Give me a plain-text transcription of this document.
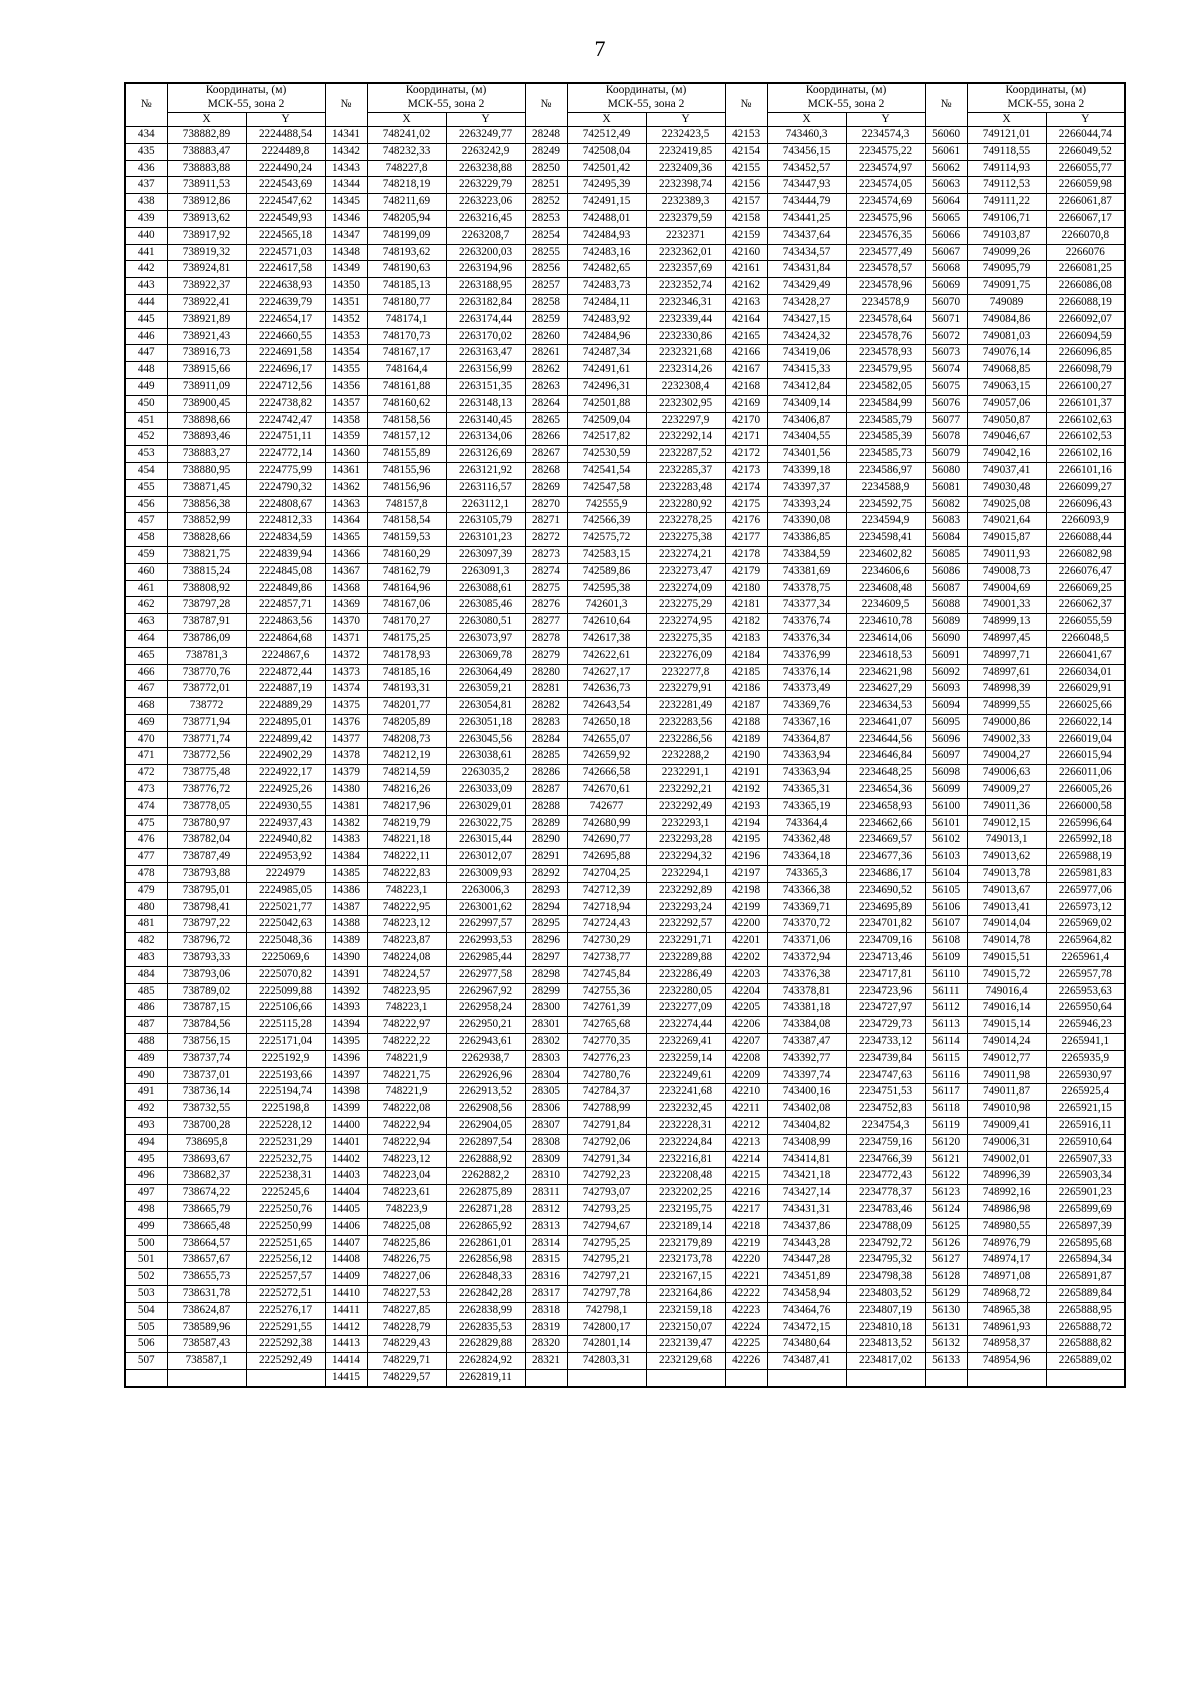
7
№	Координаты, (м)		№	Координаты, (м)		№	Координаты, (м)		№	Координаты, (м)		№	Координаты, (м)	
	МСК-55, зона 2			МСК-55, зона 2			МСК-55, зона 2			МСК-55, зона 2			МСК-55, зона 2	
	X	Y		X	Y		X	Y		X	Y		X	Y
434	738882,89	2224488,54	14341	748241,02	2263249,77	28248	742512,49	2232423,5	42153	743460,3	2234574,3	56060	749121,01	2266044,74
435	738883,47	2224489,8	14342	748232,33	2263242,9	28249	742508,04	2232419,85	42154	743456,15	2234575,22	56061	749118,55	2266049,52
436	738883,88	2224490,24	14343	748227,8	2263238,88	28250	742501,42	2232409,36	42155	743452,57	2234574,97	56062	749114,93	2266055,77
437	738911,53	2224543,69	14344	748218,19	2263229,79	28251	742495,39	2232398,74	42156	743447,93	2234574,05	56063	749112,53	2266059,98
438	738912,86	2224547,62	14345	748211,69	2263223,06	28252	742491,15	2232389,3	42157	743444,79	2234574,69	56064	749111,22	2266061,87
439	738913,62	2224549,93	14346	748205,94	2263216,45	28253	742488,01	2232379,59	42158	743441,25	2234575,96	56065	749106,71	2266067,17
440	738917,92	2224565,18	14347	748199,09	2263208,7	28254	742484,93	2232371	42159	743437,64	2234576,35	56066	749103,87	2266070,8
441	738919,32	2224571,03	14348	748193,62	2263200,03	28255	742483,16	2232362,01	42160	743434,57	2234577,49	56067	749099,26	2266076
442	738924,81	2224617,58	14349	748190,63	2263194,96	28256	742482,65	2232357,69	42161	743431,84	2234578,57	56068	749095,79	2266081,25
443	738922,37	2224638,93	14350	748185,13	2263188,95	28257	742483,73	2232352,74	42162	743429,49	2234578,96	56069	749091,75	2266086,08
444	738922,41	2224639,79	14351	748180,77	2263182,84	28258	742484,11	2232346,31	42163	743428,27	2234578,9	56070	749089	2266088,19
445	738921,89	2224654,17	14352	748174,1	2263174,44	28259	742483,92	2232339,44	42164	743427,15	2234578,64	56071	749084,86	2266092,07
446	738921,43	2224660,55	14353	748170,73	2263170,02	28260	742484,96	2232330,86	42165	743424,32	2234578,76	56072	749081,03	2266094,59
447	738916,73	2224691,58	14354	748167,17	2263163,47	28261	742487,34	2232321,68	42166	743419,06	2234578,93	56073	749076,14	2266096,85
448	738915,66	2224696,17	14355	748164,4	2263156,99	28262	742491,61	2232314,26	42167	743415,33	2234579,95	56074	749068,85	2266098,79
449	738911,09	2224712,56	14356	748161,88	2263151,35	28263	742496,31	2232308,4	42168	743412,84	2234582,05	56075	749063,15	2266100,27
450	738900,45	2224738,82	14357	748160,62	2263148,13	28264	742501,88	2232302,95	42169	743409,14	2234584,99	56076	749057,06	2266101,37
451	738898,66	2224742,47	14358	748158,56	2263140,45	28265	742509,04	2232297,9	42170	743406,87	2234585,79	56077	749050,87	2266102,63
452	738893,46	2224751,11	14359	748157,12	2263134,06	28266	742517,82	2232292,14	42171	743404,55	2234585,39	56078	749046,67	2266102,53
453	738883,27	2224772,14	14360	748155,89	2263126,69	28267	742530,59	2232287,52	42172	743401,56	2234585,73	56079	749042,16	2266102,16
454	738880,95	2224775,99	14361	748155,96	2263121,92	28268	742541,54	2232285,37	42173	743399,18	2234586,97	56080	749037,41	2266101,16
455	738871,45	2224790,32	14362	748156,96	2263116,57	28269	742547,58	2232283,48	42174	743397,37	2234588,9	56081	749030,48	2266099,27
456	738856,38	2224808,67	14363	748157,8	2263112,1	28270	742555,9	2232280,92	42175	743393,24	2234592,75	56082	749025,08	2266096,43
457	738852,99	2224812,33	14364	748158,54	2263105,79	28271	742566,39	2232278,25	42176	743390,08	2234594,9	56083	749021,64	2266093,9
458	738828,66	2224834,59	14365	748159,53	2263101,23	28272	742575,72	2232275,38	42177	743386,85	2234598,41	56084	749015,87	2266088,44
459	738821,75	2224839,94	14366	748160,29	2263097,39	28273	742583,15	2232274,21	42178	743384,59	2234602,82	56085	749011,93	2266082,98
460	738815,24	2224845,08	14367	748162,79	2263091,3	28274	742589,86	2232273,47	42179	743381,69	2234606,6	56086	749008,73	2266076,47
461	738808,92	2224849,86	14368	748164,96	2263088,61	28275	742595,38	2232274,09	42180	743378,75	2234608,48	56087	749004,69	2266069,25
462	738797,28	2224857,71	14369	748167,06	2263085,46	28276	742601,3	2232275,29	42181	743377,34	2234609,5	56088	749001,33	2266062,37
463	738787,91	2224863,56	14370	748170,27	2263080,51	28277	742610,64	2232274,95	42182	743376,74	2234610,78	56089	748999,13	2266055,59
464	738786,09	2224864,68	14371	748175,25	2263073,97	28278	742617,38	2232275,35	42183	743376,34	2234614,06	56090	748997,45	2266048,5
465	738781,3	2224867,6	14372	748178,93	2263069,78	28279	742622,61	2232276,09	42184	743376,99	2234618,53	56091	748997,71	2266041,67
466	738770,76	2224872,44	14373	748185,16	2263064,49	28280	742627,17	2232277,8	42185	743376,14	2234621,98	56092	748997,61	2266034,01
467	738772,01	2224887,19	14374	748193,31	2263059,21	28281	742636,73	2232279,91	42186	743373,49	2234627,29	56093	748998,39	2266029,91
468	738772	2224889,29	14375	748201,77	2263054,81	28282	742643,54	2232281,49	42187	743369,76	2234634,53	56094	748999,55	2266025,66
469	738771,94	2224895,01	14376	748205,89	2263051,18	28283	742650,18	2232283,56	42188	743367,16	2234641,07	56095	749000,86	2266022,14
470	738771,74	2224899,42	14377	748208,73	2263045,56	28284	742655,07	2232286,56	42189	743364,87	2234644,56	56096	749002,33	2266019,04
471	738772,56	2224902,29	14378	748212,19	2263038,61	28285	742659,92	2232288,2	42190	743363,94	2234646,84	56097	749004,27	2266015,94
472	738775,48	2224922,17	14379	748214,59	2263035,2	28286	742666,58	2232291,1	42191	743363,94	2234648,25	56098	749006,63	2266011,06
473	738776,72	2224925,26	14380	748216,26	2263033,09	28287	742670,61	2232292,21	42192	743365,31	2234654,36	56099	749009,27	2266005,26
474	738778,05	2224930,55	14381	748217,96	2263029,01	28288	742677	2232292,49	42193	743365,19	2234658,93	56100	749011,36	2266000,58
475	738780,97	2224937,43	14382	748219,79	2263022,75	28289	742680,99	2232293,1	42194	743364,4	2234662,66	56101	749012,15	2265996,64
476	738782,04	2224940,82	14383	748221,18	2263015,44	28290	742690,77	2232293,28	42195	743362,48	2234669,57	56102	749013,1	2265992,18
477	738787,49	2224953,92	14384	748222,11	2263012,07	28291	742695,88	2232294,32	42196	743364,18	2234677,36	56103	749013,62	2265988,19
478	738793,88	2224979	14385	748222,83	2263009,93	28292	742704,25	2232294,1	42197	743365,3	2234686,17	56104	749013,78	2265981,83
479	738795,01	2224985,05	14386	748223,1	2263006,3	28293	742712,39	2232292,89	42198	743366,38	2234690,52	56105	749013,67	2265977,06
480	738798,41	2225021,77	14387	748222,95	2263001,62	28294	742718,94	2232293,24	42199	743369,71	2234695,89	56106	749013,41	2265973,12
481	738797,22	2225042,63	14388	748223,12	2262997,57	28295	742724,43	2232292,57	42200	743370,72	2234701,82	56107	749014,04	2265969,02
482	738796,72	2225048,36	14389	748223,87	2262993,53	28296	742730,29	2232291,71	42201	743371,06	2234709,16	56108	749014,78	2265964,82
483	738793,33	2225069,6	14390	748224,08	2262985,44	28297	742738,77	2232289,88	42202	743372,94	2234713,46	56109	749015,51	2265961,4
484	738793,06	2225070,82	14391	748224,57	2262977,58	28298	742745,84	2232286,49	42203	743376,38	2234717,81	56110	749015,72	2265957,78
485	738789,02	2225099,88	14392	748223,95	2262967,92	28299	742755,36	2232280,05	42204	743378,81	2234723,96	56111	749016,4	2265953,63
486	738787,15	2225106,66	14393	748223,1	2262958,24	28300	742761,39	2232277,09	42205	743381,18	2234727,97	56112	749016,14	2265950,64
487	738784,56	2225115,28	14394	748222,97	2262950,21	28301	742765,68	2232274,44	42206	743384,08	2234729,73	56113	749015,14	2265946,23
488	738756,15	2225171,04	14395	748222,22	2262943,61	28302	742770,35	2232269,41	42207	743387,47	2234733,12	56114	749014,24	2265941,1
489	738737,74	2225192,9	14396	748221,9	2262938,7	28303	742776,23	2232259,14	42208	743392,77	2234739,84	56115	749012,77	2265935,9
490	738737,01	2225193,66	14397	748221,75	2262926,96	28304	742780,76	2232249,61	42209	743397,74	2234747,63	56116	749011,98	2265930,97
491	738736,14	2225194,74	14398	748221,9	2262913,52	28305	742784,37	2232241,68	42210	743400,16	2234751,53	56117	749011,87	2265925,4
492	738732,55	2225198,8	14399	748222,08	2262908,56	28306	742788,99	2232232,45	42211	743402,08	2234752,83	56118	749010,98	2265921,15
493	738700,28	2225228,12	14400	748222,94	2262904,05	28307	742791,84	2232228,31	42212	743404,82	2234754,3	56119	749009,41	2265916,11
494	738695,8	2225231,29	14401	748222,94	2262897,54	28308	742792,06	2232224,84	42213	743408,99	2234759,16	56120	749006,31	2265910,64
495	738693,67	2225232,75	14402	748223,12	2262888,92	28309	742791,34	2232216,81	42214	743414,81	2234766,39	56121	749002,01	2265907,33
496	738682,37	2225238,31	14403	748223,04	2262882,2	28310	742792,23	2232208,48	42215	743421,18	2234772,43	56122	748996,39	2265903,34
497	738674,22	2225245,6	14404	748223,61	2262875,89	28311	742793,07	2232202,25	42216	743427,14	2234778,37	56123	748992,16	2265901,23
498	738665,79	2225250,76	14405	748223,9	2262871,28	28312	742793,25	2232195,75	42217	743431,31	2234783,46	56124	748986,98	2265899,69
499	738665,48	2225250,99	14406	748225,08	2262865,92	28313	742794,67	2232189,14	42218	743437,86	2234788,09	56125	748980,55	2265897,39
500	738664,57	2225251,65	14407	748225,86	2262861,01	28314	742795,25	2232179,89	42219	743443,28	2234792,72	56126	748976,79	2265895,68
501	738657,67	2225256,12	14408	748226,75	2262856,98	28315	742795,21	2232173,78	42220	743447,28	2234795,32	56127	748974,17	2265894,34
502	738655,73	2225257,57	14409	748227,06	2262848,33	28316	742797,21	2232167,15	42221	743451,89	2234798,38	56128	748971,08	2265891,87
503	738631,78	2225272,51	14410	748227,53	2262842,28	28317	742797,78	2232164,86	42222	743458,94	2234803,52	56129	748968,72	2265889,84
504	738624,87	2225276,17	14411	748227,85	2262838,99	28318	742798,1	2232159,18	42223	743464,76	2234807,19	56130	748965,38	2265888,95
505	738589,96	2225291,55	14412	748228,79	2262835,53	28319	742800,17	2232150,07	42224	743472,15	2234810,18	56131	748961,93	2265888,72
506	738587,43	2225292,38	14413	748229,43	2262829,88	28320	742801,14	2232139,47	42225	743480,64	2234813,52	56132	748958,37	2265888,82
507	738587,1	2225292,49	14414	748229,71	2262824,92	28321	742803,31	2232129,68	42226	743487,41	2234817,02	56133	748954,96	2265889,02
			14415	748229,57	2262819,11									
